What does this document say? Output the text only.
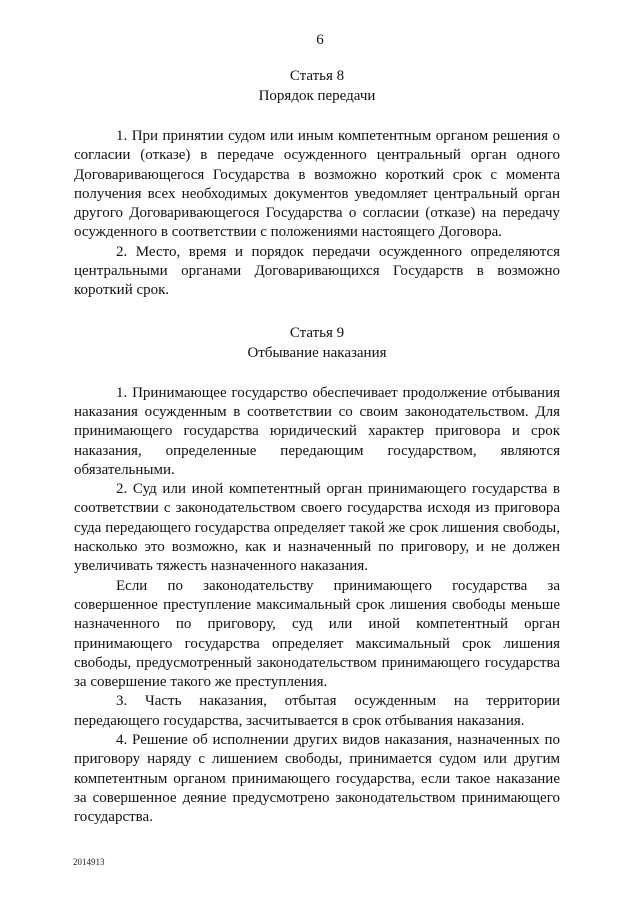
6
Статья 8
Порядок передачи

1. При принятии судом или иным компетентным органом решения о согласии (отказе) в передаче осужденного центральный орган одного Договаривающегося Государства в возможно короткий срок с момента получения всех необходимых документов уведомляет центральный орган другого Договаривающегося Государства о согласии (отказе) на передачу осужденного в соответствии с положениями настоящего Договора.

2. Место, время и порядок передачи осужденного определяются центральными органами Договаривающихся Государств в возможно короткий срок.

Статья 9
Отбывание наказания

1. Принимающее государство обеспечивает продолжение отбывания наказания осужденным в соответствии со своим законодательством. Для принимающего государства юридический характер приговора и срок наказания, определенные передающим государством, являются обязательными.

2. Суд или иной компетентный орган принимающего государства в соответствии с законодательством своего государства исходя из приговора суда передающего государства определяет такой же срок лишения свободы, насколько это возможно, как и назначенный по приговору, и не должен увеличивать тяжесть назначенного наказания.

Если по законодательству принимающего государства за совершенное преступление максимальный срок лишения свободы меньше назначенного по приговору, суд или иной компетентный орган принимающего государства определяет максимальный срок лишения свободы, предусмотренный законодательством принимающего государства за совершение такого же преступления.

3. Часть наказания, отбытая осужденным на территории передающего государства, засчитывается в срок отбывания наказания.

4. Решение об исполнении других видов наказания, назначенных по приговору наряду с лишением свободы, принимается судом или другим компетентным органом принимающего государства, если такое наказание за совершенное деяние предусмотрено законодательством принимающего государства.

2014913
